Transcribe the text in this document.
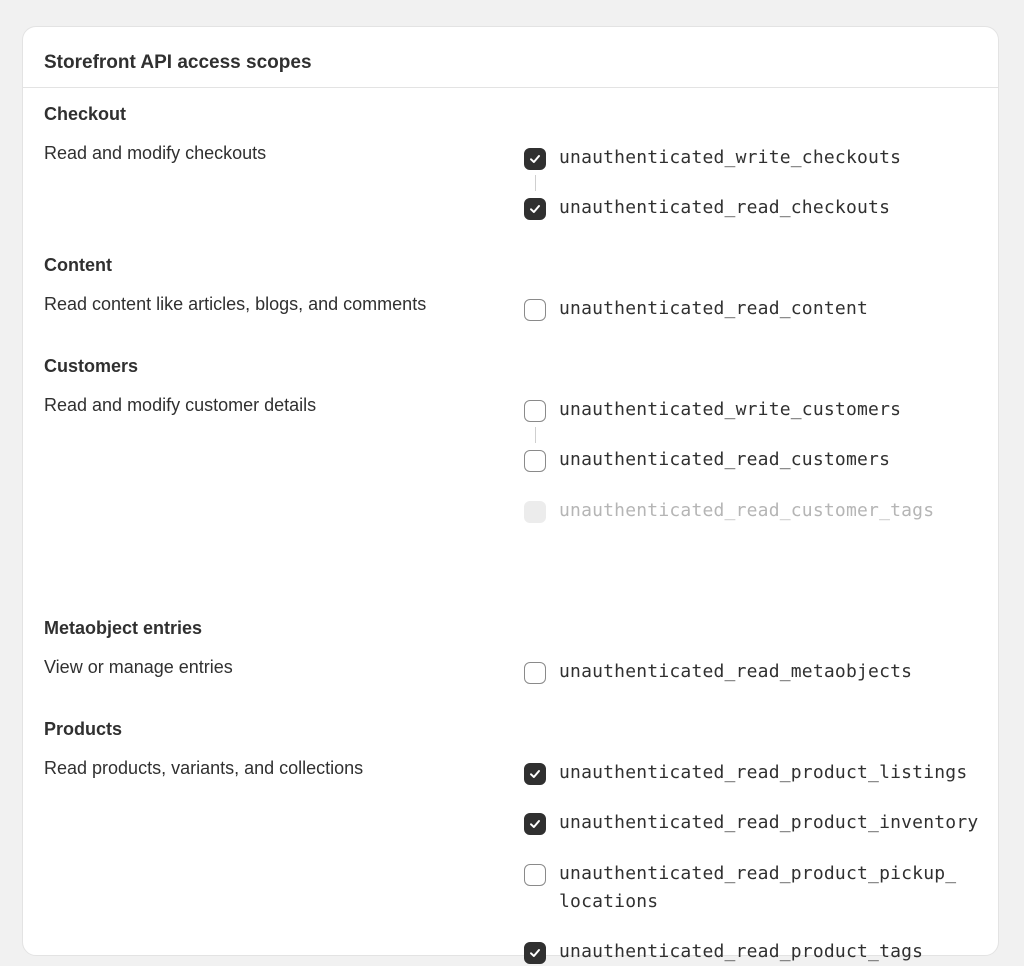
Storefront API access scopes
Checkout

Read and modify checkouts	unauthenticated_write_checkouts
unauthenticated_read_checkouts
Content

Read content like articles, blogs, and comments	unauthenticated_read_content
Customers

Read and modify customer details	unauthenticated_write_customers
unauthenticated_read_customers
unauthenticated_read_customer_tags
Metaobject entries

View or manage entries	unauthenticated_read_metaobjects
Products

Read products, variants, and collections	unauthenticated_read_product_listings
unauthenticated_read_product_inventory
unauthenticated_read_product_pickup_
locations
unauthenticated_read_product_tags
